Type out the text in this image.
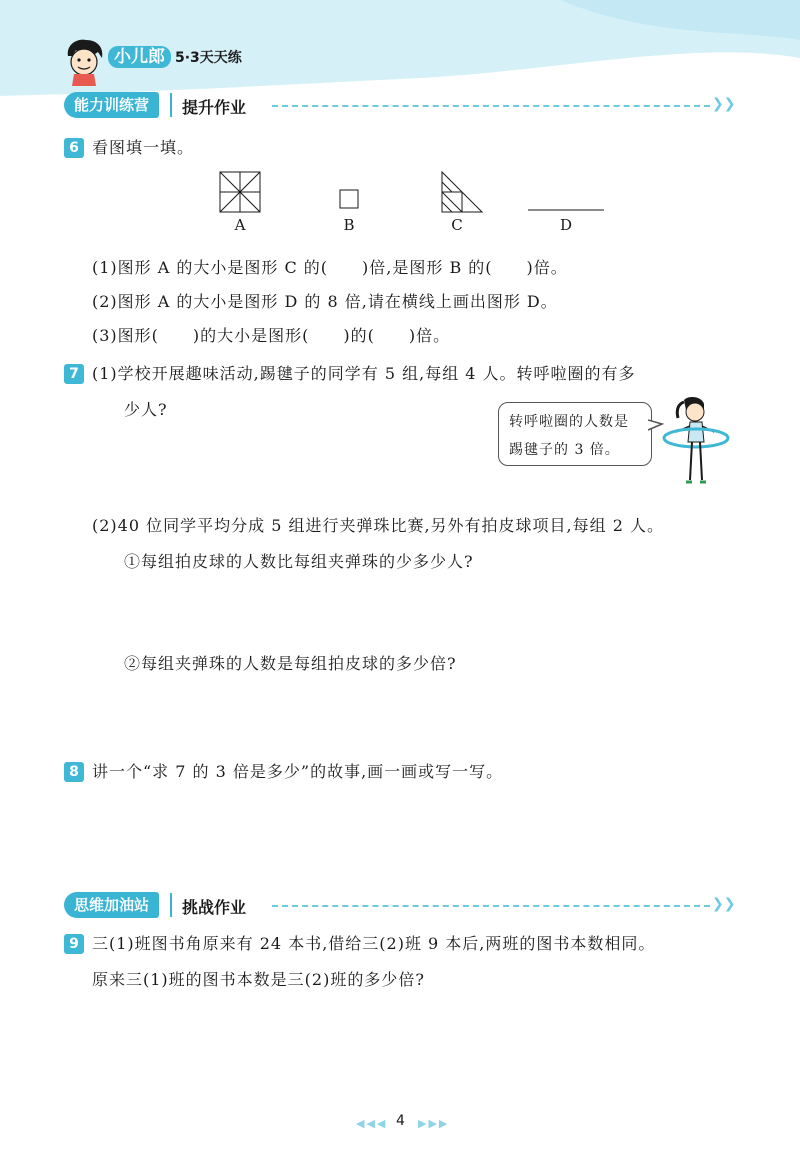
小儿郎 5·3天天练
能力训练营	提升作业	❯❯
6 看图填一填。
A	B	C	D
(1)图形 A 的大小是图形 C 的(　　)倍,是图形 B 的(　　)倍。
(2)图形 A 的大小是图形 D 的 8 倍,请在横线上画出图形 D。
(3)图形(　　)的大小是图形(　　)的(　　)倍。
7 (1)学校开展趣味活动,踢毽子的同学有 5 组,每组 4 人。转呼啦圈的有多
少人?
转呼啦圈的人数是
踢毽子的 3 倍。
(2)40 位同学平均分成 5 组进行夹弹珠比赛,另外有拍皮球项目,每组 2 人。
①每组拍皮球的人数比每组夹弹珠的少多少人?
②每组夹弹珠的人数是每组拍皮球的多少倍?
8 讲一个“求 7 的 3 倍是多少”的故事,画一画或写一写。
思维加油站	挑战作业	❯❯
9 三(1)班图书角原来有 24 本书,借给三(2)班 9 本后,两班的图书本数相同。
原来三(1)班的图书本数是三(2)班的多少倍?
◀◀◀ 4 ▶▶▶
